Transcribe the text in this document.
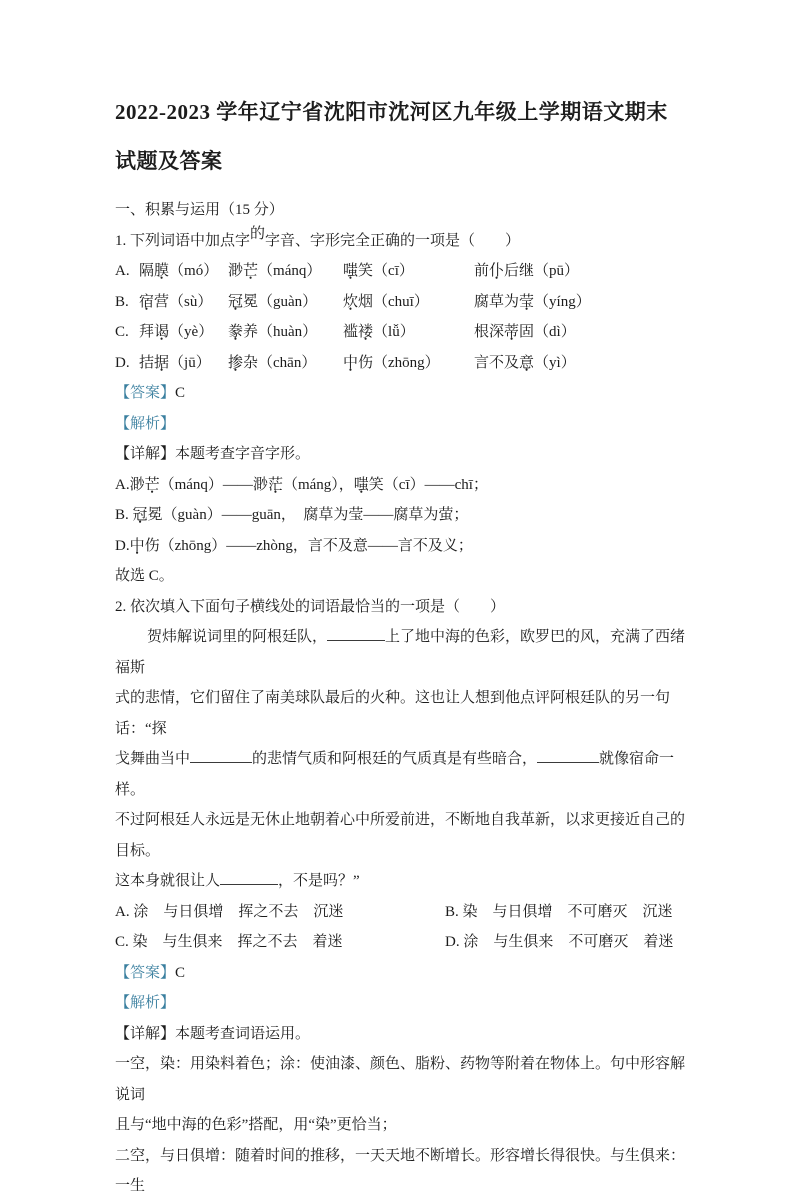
2022-2023 学年辽宁省沈阳市沈河区九年级上学期语文期末
试题及答案

一、积累与运用（15 分）

1. 下列词语中加点字的字音、字形完全正确的一项是（　　）

A. 隔膜（mó） 渺芒（mánq）	嗤笑（cī）	前仆后继（pū）
B. 宿营（sù）	冠冕（guàn）	炊烟（chuī）	腐草为莹（yíng）
C. 拜谒（yè） 豢养（huàn）	褴褛（lǚ）	根深蒂固（dì）
D. 拮据（jū）	掺杂（chān）	中伤（zhōng）	言不及意（yì）

【答案】C

【解析】

【详解】本题考查字音字形。

A.渺芒（mánq）——渺茫（máng），嗤笑（cī）——chī；

B. 冠冕（guàn）——guān，　腐草为莹——腐草为萤；

D.中伤（zhōng）——zhòng，言不及意——言不及义；

故选 C。

2. 依次填入下面句子横线处的词语最恰当的一项是（　　）

贺炜解说词里的阿根廷队，	上了地中海的色彩，欧罗巴的风，充满了西绪福斯

式的悲情，它们留住了南美球队最后的火种。这也让人想到他点评阿根廷队的另一句话：“探

戈舞曲当中	的悲情气质和阿根廷的气质真是有些暗合，	就像宿命一样。

不过阿根廷人永远是无休止地朝着心中所爱前进，不断地自我革新，以求更接近自己的目标。

这本身就很让人	，不是吗？”

A. 涂　与日俱增　挥之不去　沉迷	B. 染　与日俱增　不可磨灭　沉迷
C. 染　与生俱来　挥之不去　着迷	D. 涂　与生俱来　不可磨灭　着迷

【答案】C

【解析】

【详解】本题考查词语运用。

一空，染：用染料着色；涂：使油漆、颜色、脂粉、药物等附着在物体上。句中形容解说词

且与“地中海的色彩”搭配，用“染”更恰当；

二空，与日俱增：随着时间的推移，一天天地不断增长。形容增长得很快。与生俱来：一生
